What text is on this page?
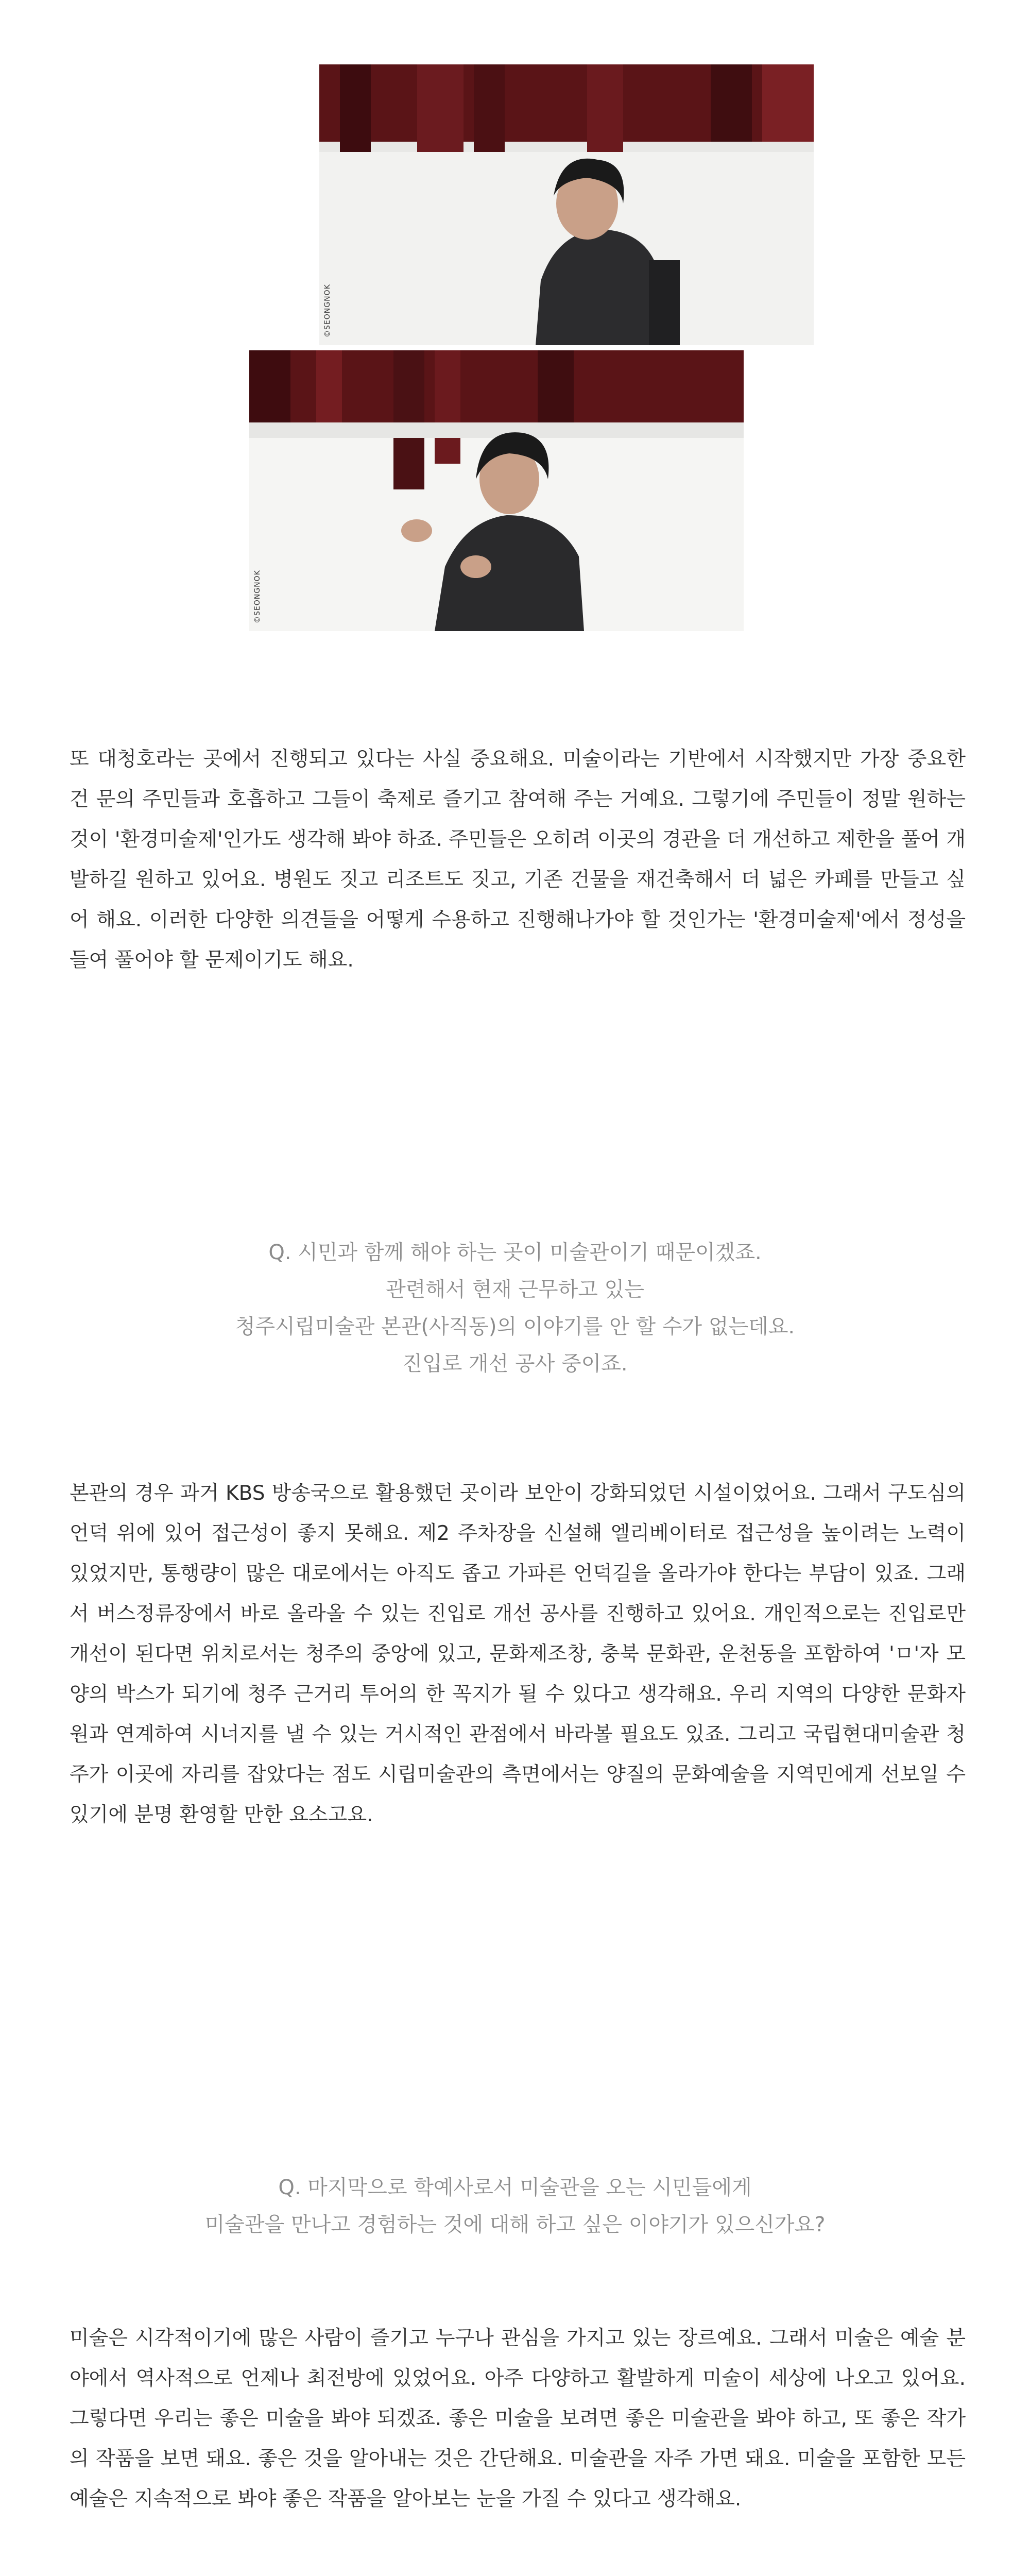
©SEONGNOK
©SEONGNOK

또 대청호라는 곳에서 진행되고 있다는 사실 중요해요. 미술이라는 기반에서 시작했지만 가장 중요한 건 문의 주민들과 호흡하고 그들이 축제로 즐기고 참여해 주는 거예요. 그렇기에 주민들이 정말 원하는 것이 '환경미술제'인가도 생각해 봐야 하죠. 주민들은 오히려 이곳의 경관을 더 개선하고 제한을 풀어 개발하길 원하고 있어요. 병원도 짓고 리조트도 짓고, 기존 건물을 재건축해서 더 넓은 카페를 만들고 싶어 해요. 이러한 다양한 의견들을 어떻게 수용하고 진행해나가야 할 것인가는 '환경미술제'에서 정성을 들여 풀어야 할 문제이기도 해요.

Q. 시민과 함께 해야 하는 곳이 미술관이기 때문이겠죠.
관련해서 현재 근무하고 있는
청주시립미술관 본관(사직동)의 이야기를 안 할 수가 없는데요.
진입로 개선 공사 중이죠.

본관의 경우 과거 KBS 방송국으로 활용했던 곳이라 보안이 강화되었던 시설이었어요. 그래서 구도심의 언덕 위에 있어 접근성이 좋지 못해요. 제2 주차장을 신설해 엘리베이터로 접근성을 높이려는 노력이 있었지만, 통행량이 많은 대로에서는 아직도 좁고 가파른 언덕길을 올라가야 한다는 부담이 있죠. 그래서 버스정류장에서 바로 올라올 수 있는 진입로 개선 공사를 진행하고 있어요. 개인적으로는 진입로만 개선이 된다면 위치로서는 청주의 중앙에 있고, 문화제조창, 충북 문화관, 운천동을 포함하여 'ㅁ'자 모양의 박스가 되기에 청주 근거리 투어의 한 꼭지가 될 수 있다고 생각해요. 우리 지역의 다양한 문화자원과 연계하여 시너지를 낼 수 있는 거시적인 관점에서 바라볼 필요도 있죠. 그리고 국립현대미술관 청주가 이곳에 자리를 잡았다는 점도 시립미술관의 측면에서는 양질의 문화예술을 지역민에게 선보일 수 있기에 분명 환영할 만한 요소고요.

Q. 마지막으로 학예사로서 미술관을 오는 시민들에게
미술관을 만나고 경험하는 것에 대해 하고 싶은 이야기가 있으신가요?

미술은 시각적이기에 많은 사람이 즐기고 누구나 관심을 가지고 있는 장르예요. 그래서 미술은 예술 분야에서 역사적으로 언제나 최전방에 있었어요. 아주 다양하고 활발하게 미술이 세상에 나오고 있어요. 그렇다면 우리는 좋은 미술을 봐야 되겠죠. 좋은 미술을 보려면 좋은 미술관을 봐야 하고, 또 좋은 작가의 작품을 보면 돼요. 좋은 것을 알아내는 것은 간단해요. 미술관을 자주 가면 돼요. 미술을 포함한 모든 예술은 지속적으로 봐야 좋은 작품을 알아보는 눈을 가질 수 있다고 생각해요.
